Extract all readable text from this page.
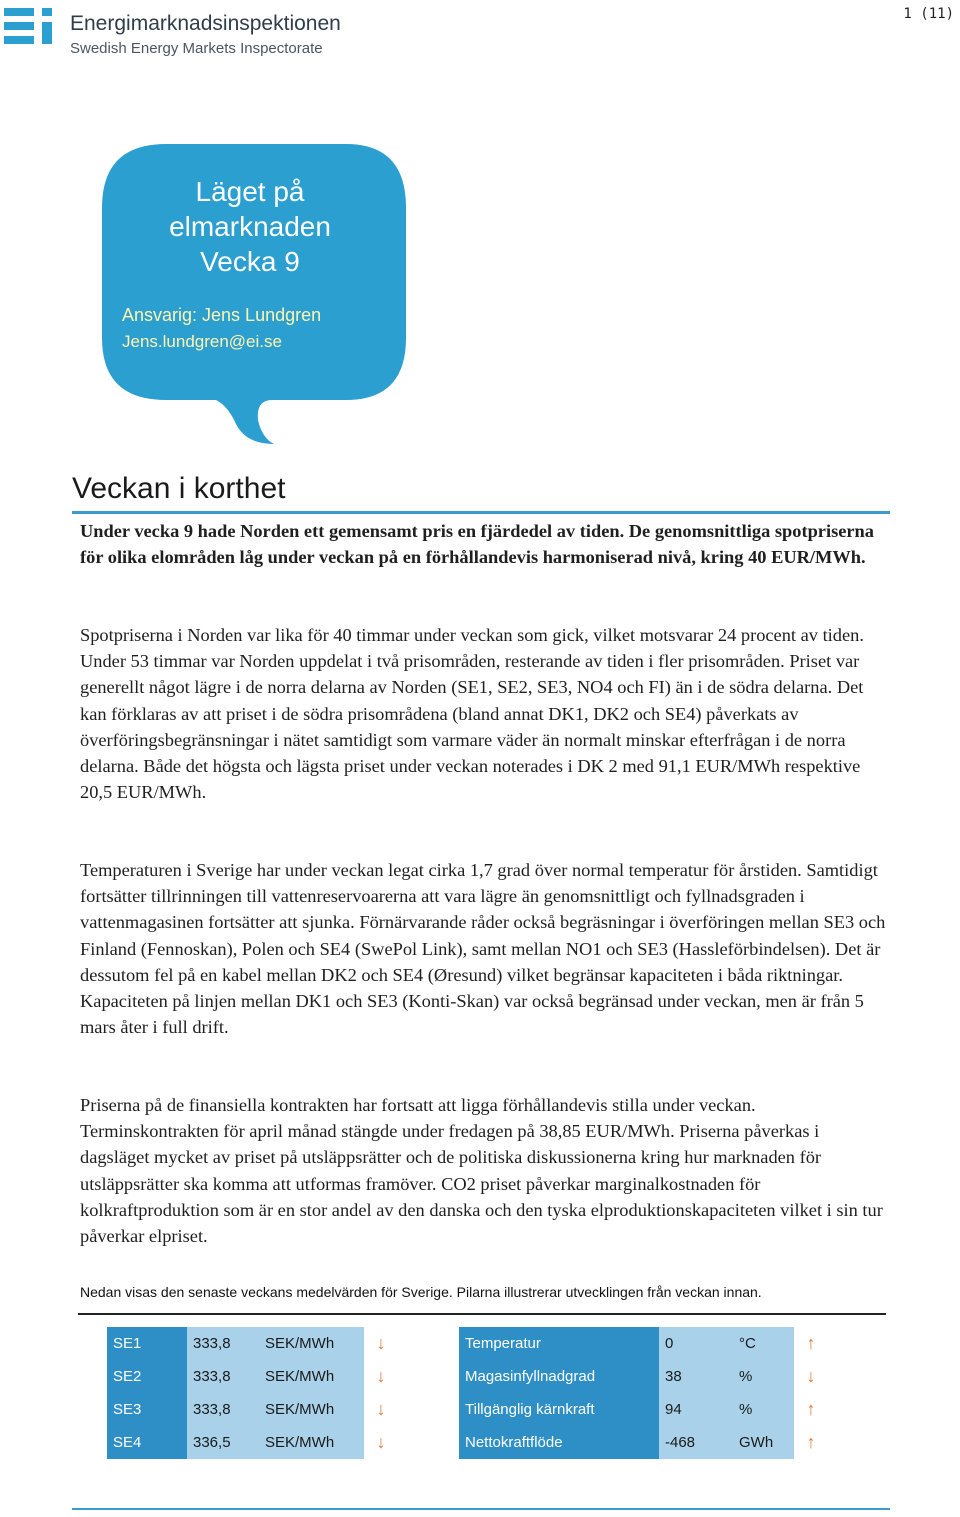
Energimarknadsinspektionen
Swedish Energy Markets Inspectorate
1 (11)
Läget på
elmarknaden
Vecka 9
Ansvarig: Jens Lundgren
Jens.lundgren@ei.se
Veckan i korthet
Under vecka 9 hade Norden ett gemensamt pris en fjärdedel av tiden. De genomsnittliga spotpriserna för olika elområden låg under veckan på en förhållandevis harmoniserad nivå, kring 40 EUR/MWh.
Spotpriserna i Norden var lika för 40 timmar under veckan som gick, vilket motsvarar 24 procent av tiden. Under 53 timmar var Norden uppdelat i två prisområden, resterande av tiden i fler prisområden. Priset var generellt något lägre i de norra delarna av Norden (SE1, SE2, SE3, NO4 och FI) än i de södra delarna. Det kan förklaras av att priset i de södra prisområdena (bland annat DK1, DK2 och SE4) påverkats av överföringsbegränsningar i nätet samtidigt som varmare väder än normalt minskar efterfrågan i de norra delarna. Både det högsta och lägsta priset under veckan noterades i DK 2 med 91,1 EUR/MWh respektive 20,5 EUR/MWh.
Temperaturen i Sverige har under veckan legat cirka 1,7 grad över normal temperatur för årstiden. Samtidigt fortsätter tillrinningen till vattenreservoarerna att vara lägre än genomsnittligt och fyllnadsgraden i vattenmagasinen fortsätter att sjunka. Förnärvarande råder också begräsningar i överföringen mellan SE3 och Finland (Fennoskan), Polen och SE4 (SwePol Link), samt mellan NO1 och SE3 (Hassleförbindelsen). Det är dessutom fel på en kabel mellan DK2 och SE4 (Øresund) vilket begränsar kapaciteten i båda riktningar. Kapaciteten på linjen mellan DK1 och SE3 (Konti-Skan) var också begränsad under veckan, men är från 5 mars åter i full drift.
Priserna på de finansiella kontrakten har fortsatt att ligga förhållandevis stilla under veckan. Terminskontrakten för april månad stängde under fredagen på 38,85 EUR/MWh. Priserna påverkas i dagsläget mycket av priset på utsläppsrätter och de politiska diskussionerna kring hur marknaden för utsläppsrätter ska komma att utformas framöver. CO2 priset påverkar marginalkostnaden för kolkraftproduktion som är en stor andel av den danska och den tyska elproduktionskapaciteten vilket i sin tur påverkar elpriset.
Nedan visas den senaste veckans medelvärden för Sverige. Pilarna illustrerar utvecklingen från veckan innan.
SE1	333,8	SEK/MWh	↓
SE2	333,8	SEK/MWh	↓
SE3	333,8	SEK/MWh	↓
SE4	336,5	SEK/MWh	↓
Temperatur	0	°C	↑
Magasinfyllnadgrad	38	%	↓
Tillgänglig kärnkraft	94	%	↑
Nettokraftflöde	-468	GWh	↑
